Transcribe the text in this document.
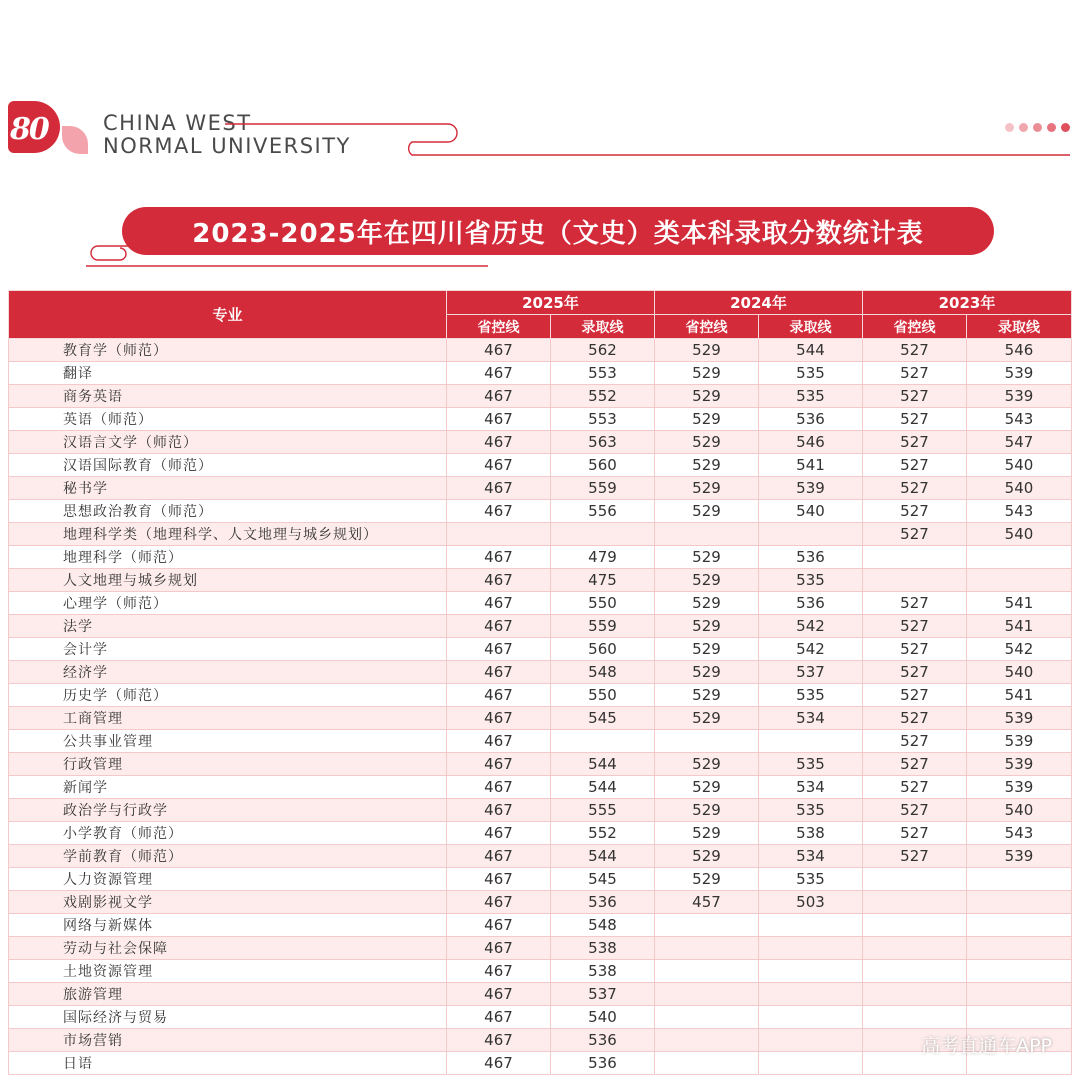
80	CHINA WEST
NORMAL UNIVERSITY
2023-2025年在四川省历史（文史）类本科录取分数统计表
专业	2025年		2024年		2023年	
	省控线	录取线	省控线	录取线	省控线	录取线
教育学（师范）	467	562	529	544	527	546
翻译	467	553	529	535	527	539
商务英语	467	552	529	535	527	539
英语（师范）	467	553	529	536	527	543
汉语言文学（师范）	467	563	529	546	527	547
汉语国际教育（师范）	467	560	529	541	527	540
秘书学	467	559	529	539	527	540
思想政治教育（师范）	467	556	529	540	527	543
地理科学类（地理科学、人文地理与城乡规划）					527	540
地理科学（师范）	467	479	529	536		
人文地理与城乡规划	467	475	529	535		
心理学（师范）	467	550	529	536	527	541
法学	467	559	529	542	527	541
会计学	467	560	529	542	527	542
经济学	467	548	529	537	527	540
历史学（师范）	467	550	529	535	527	541
工商管理	467	545	529	534	527	539
公共事业管理	467				527	539
行政管理	467	544	529	535	527	539
新闻学	467	544	529	534	527	539
政治学与行政学	467	555	529	535	527	540
小学教育（师范）	467	552	529	538	527	543
学前教育（师范）	467	544	529	534	527	539
人力资源管理	467	545	529	535		
戏剧影视文学	467	536	457	503		
网络与新媒体	467	548				
劳动与社会保障	467	538				
土地资源管理	467	538				
旅游管理	467	537				
国际经济与贸易	467	540				
市场营销	467	536				
日语	467	536				
高考直通车APP
